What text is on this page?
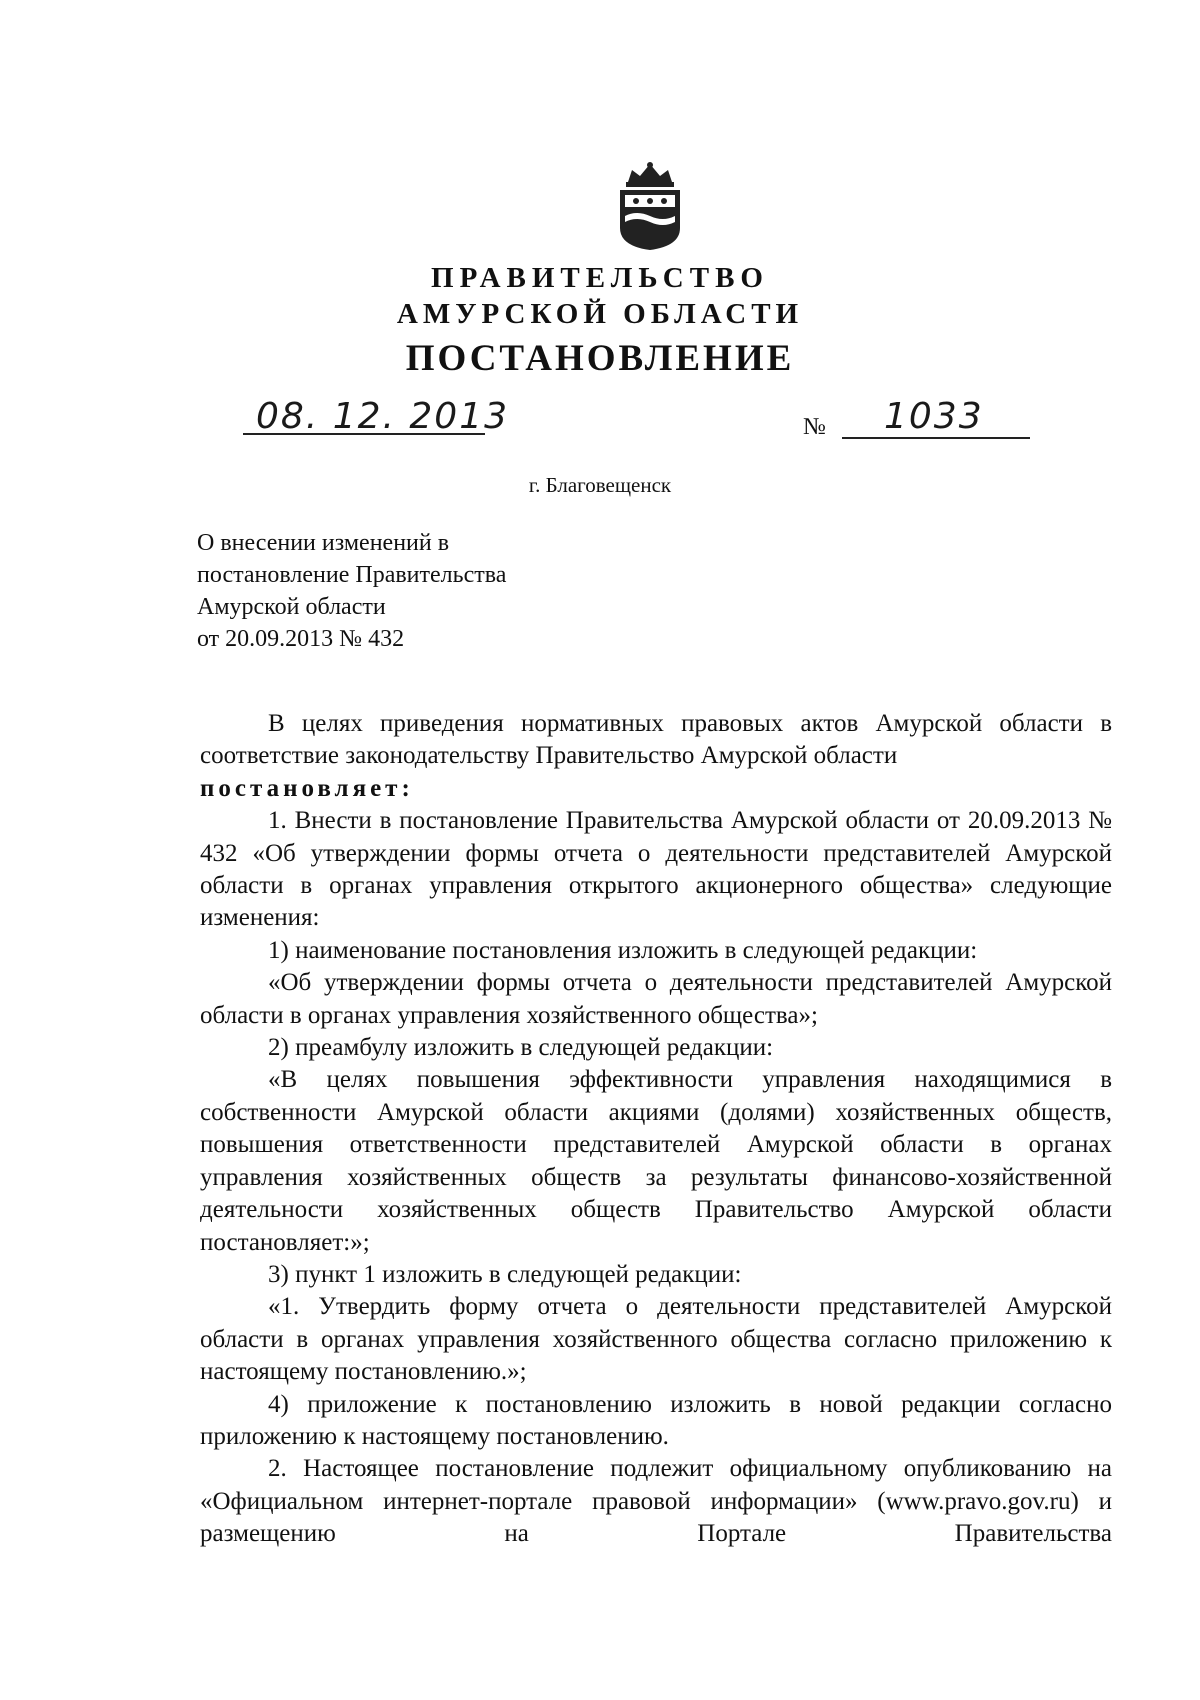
ПРАВИТЕЛЬСТВО
АМУРСКОЙ ОБЛАСТИ
ПОСТАНОВЛЕНИЕ
08. 12. 2013	№ 1033
г. Благовещенск
О внесении изменений в
постановление Правительства
Амурской области
от 20.09.2013 № 432

В целях приведения нормативных правовых актов Амурской области в соответствие законодательству Правительство Амурской области

постановляет:

1. Внести в постановление Правительства Амурской области от 20.09.2013 № 432 «Об утверждении формы отчета о деятельности представителей Амурской области в органах управления открытого акционерного общества» следующие изменения:

1) наименование постановления изложить в следующей редакции:

«Об утверждении формы отчета о деятельности представителей Амурской области в органах управления хозяйственного общества»;

2) преамбулу изложить в следующей редакции:

«В целях повышения эффективности управления находящимися в собственности Амурской области акциями (долями) хозяйственных обществ, повышения ответственности представителей Амурской области в органах управления хозяйственных обществ за результаты финансово-хозяйственной деятельности хозяйственных обществ Правительство Амурской области постановляет:»;

3) пункт 1 изложить в следующей редакции:

«1. Утвердить форму отчета о деятельности представителей Амурской области в органах управления хозяйственного общества согласно приложению к настоящему постановлению.»;

4) приложение к постановлению изложить в новой редакции согласно приложению к настоящему постановлению.

2. Настоящее постановление подлежит официальному опубликованию на «Официальном интернет-портале правовой информации» (www.pravo.gov.ru) и размещению на Портале Правительства
